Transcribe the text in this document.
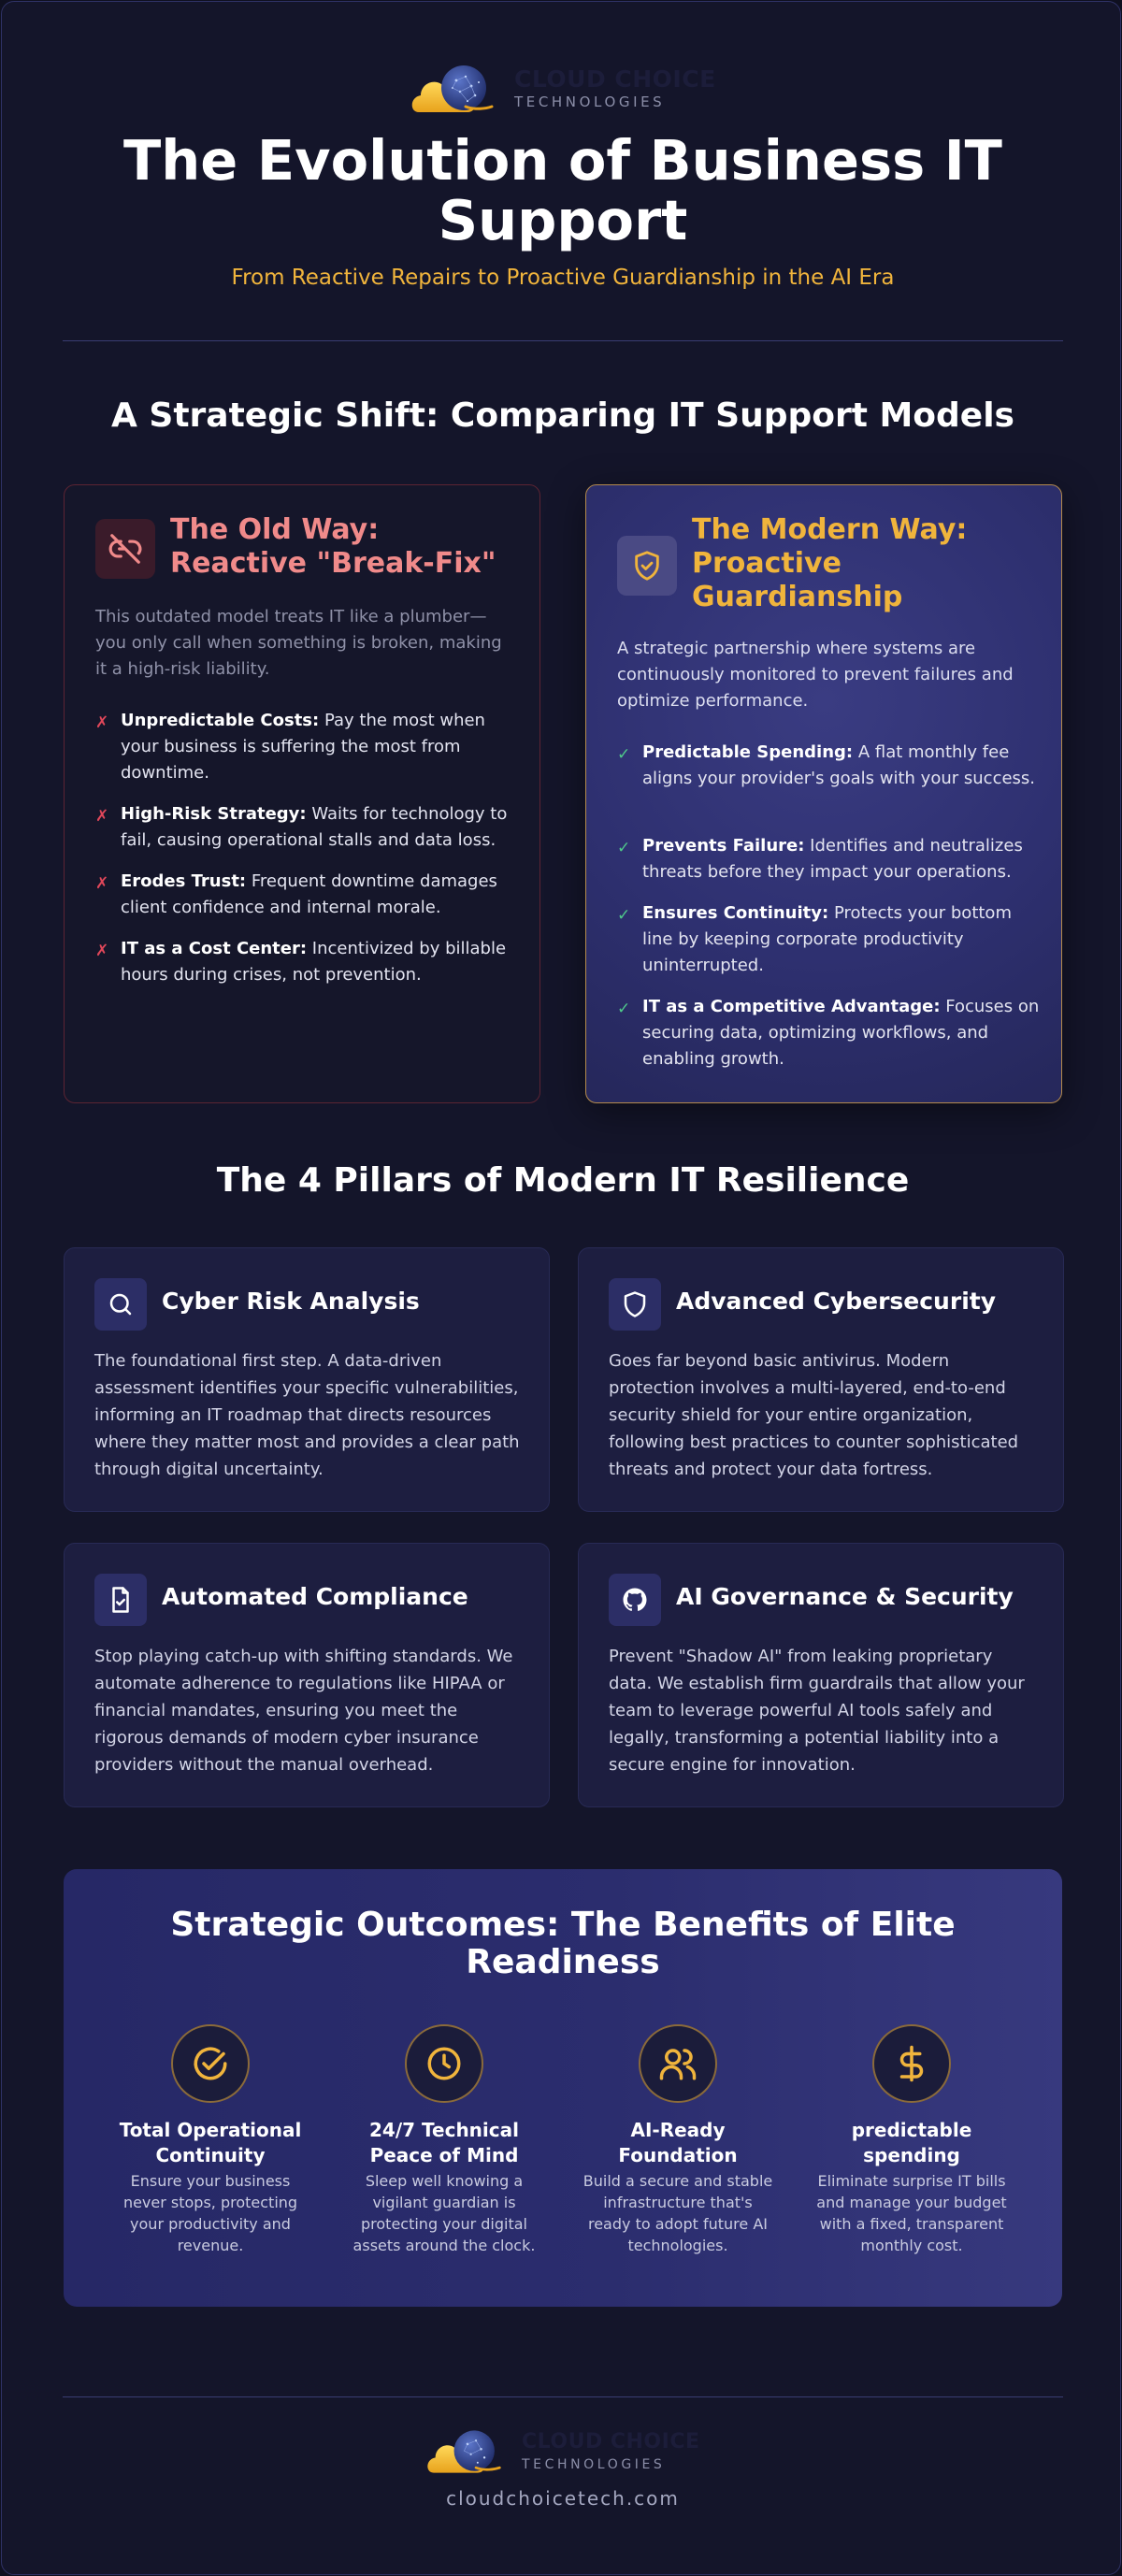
CLOUD CHOICE
TECHNOLOGIES
The Evolution of Business IT Support
From Reactive Repairs to Proactive Guardianship in the AI Era
A Strategic Shift: Comparing IT Support Models
The Old Way: Reactive "Break-Fix"
This outdated model treats IT like a plumber—you only call when something is broken, making it a high-risk liability.
✗ Unpredictable Costs: Pay the most when your business is suffering the most from downtime.
✗ High-Risk Strategy: Waits for technology to fail, causing operational stalls and data loss.
✗ Erodes Trust: Frequent downtime damages client confidence and internal morale.
✗ IT as a Cost Center: Incentivized by billable hours during crises, not prevention.
The Modern Way: Proactive Guardianship
A strategic partnership where systems are continuously monitored to prevent failures and optimize performance.
✓ Predictable Spending: A flat monthly fee aligns your provider's goals with your success.
✓ Prevents Failure: Identifies and neutralizes threats before they impact your operations.
✓ Ensures Continuity: Protects your bottom line by keeping corporate productivity uninterrupted.
✓ IT as a Competitive Advantage: Focuses on securing data, optimizing workflows, and enabling growth.
The 4 Pillars of Modern IT Resilience
Cyber Risk Analysis
The foundational first step. A data-driven assessment identifies your specific vulnerabilities, informing an IT roadmap that directs resources where they matter most and provides a clear path through digital uncertainty.
Advanced Cybersecurity
Goes far beyond basic antivirus. Modern protection involves a multi-layered, end-to-end security shield for your entire organization, following best practices to counter sophisticated threats and protect your data fortress.
Automated Compliance
Stop playing catch-up with shifting standards. We automate adherence to regulations like HIPAA or financial mandates, ensuring you meet the rigorous demands of modern cyber insurance providers without the manual overhead.
AI Governance & Security
Prevent "Shadow AI" from leaking proprietary data. We establish firm guardrails that allow your team to leverage powerful AI tools safely and legally, transforming a potential liability into a secure engine for innovation.
Strategic Outcomes: The Benefits of Elite Readiness
Total Operational Continuity
Ensure your business never stops, protecting your productivity and revenue.
24/7 Technical Peace of Mind
Sleep well knowing a vigilant guardian is protecting your digital assets around the clock.
AI-Ready Foundation
Build a secure and stable infrastructure that's ready to adopt future AI technologies.
predictable spending
Eliminate surprise IT bills and manage your budget with a fixed, transparent monthly cost.
CLOUD CHOICE
TECHNOLOGIES
cloudchoicetech.com
